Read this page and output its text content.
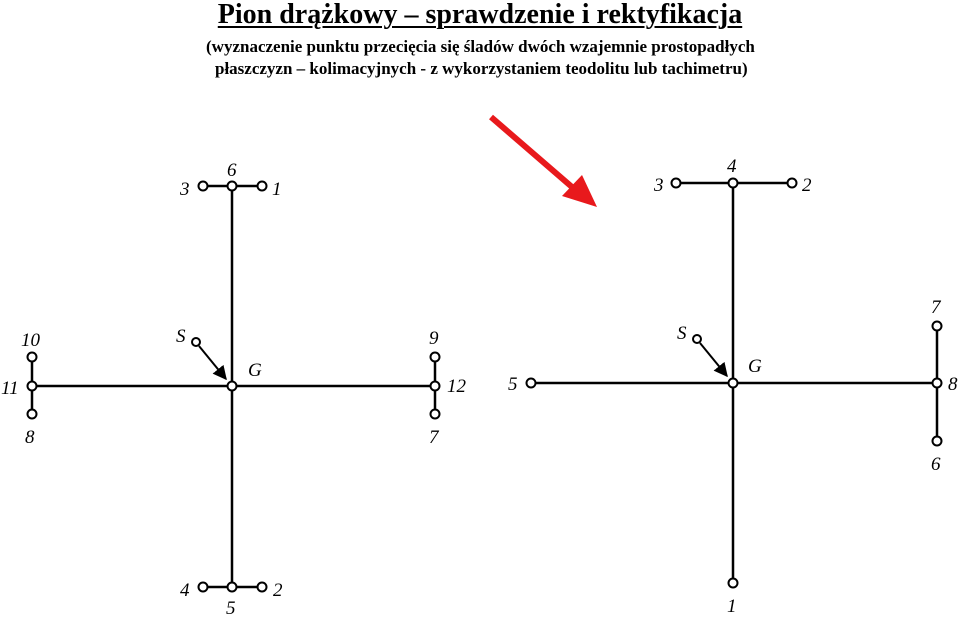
Pion drążkowy – sprawdzenie i rektyfikacja
(wyznaczenie punktu przecięcia się śladów dwóch wzajemnie prostopadłych
płaszczyzn – kolimacyjnych - z wykorzystaniem teodolitu lub tachimetru)
3
6
1
4
5
2
10
11
8
9
12
7
S
G
3
4
2
5
7
8
6
1
S
G
